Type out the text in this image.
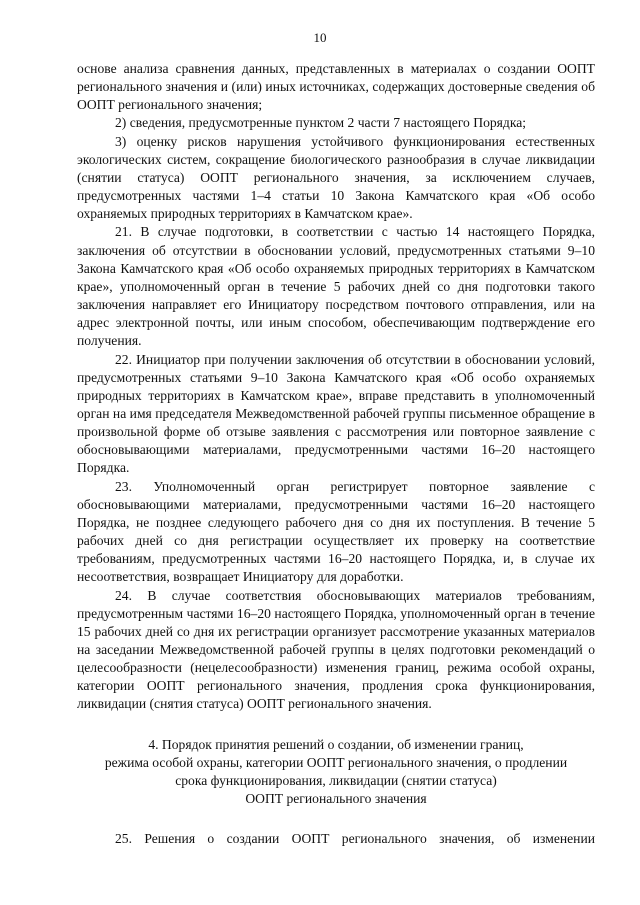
10

основе анализа сравнения данных, представленных в материалах о создании ООПТ регионального значения и (или) иных источниках, содержащих достоверные сведения об ООПТ регионального значения;

2) сведения, предусмотренные пунктом 2 части 7 настоящего Порядка;

3) оценку рисков нарушения устойчивого функционирования естественных экологических систем, сокращение биологического разнообразия в случае ликвидации (снятии статуса) ООПТ регионального значения, за исключением случаев, предусмотренных частями 1–4 статьи 10 Закона Камчатского края «Об особо охраняемых природных территориях в Камчатском крае».

21. В случае подготовки, в соответствии с частью 14 настоящего Порядка, заключения об отсутствии в обосновании условий, предусмотренных статьями 9–10 Закона Камчатского края «Об особо охраняемых природных территориях в Камчатском крае», уполномоченный орган в течение 5 рабочих дней со дня подготовки такого заключения направляет его Инициатору посредством почтового отправления, или на адрес электронной почты, или иным способом, обеспечивающим подтверждение его получения.

22. Инициатор при получении заключения об отсутствии в обосновании условий, предусмотренных статьями 9–10 Закона Камчатского края «Об особо охраняемых природных территориях в Камчатском крае», вправе представить в уполномоченный орган на имя председателя Межведомственной рабочей группы письменное обращение в произвольной форме об отзыве заявления с рассмотрения или повторное заявление с обосновывающими материалами, предусмотренными частями 16–20 настоящего Порядка.

23. Уполномоченный орган регистрирует повторное заявление с обосновывающими материалами, предусмотренными частями 16–20 настоящего Порядка, не позднее следующего рабочего дня со дня их поступления. В течение 5 рабочих дней со дня регистрации осуществляет их проверку на соответствие требованиям, предусмотренных частями 16–20 настоящего Порядка, и, в случае их несоответствия, возвращает Инициатору для доработки.

24. В случае соответствия обосновывающих материалов требованиям, предусмотренным частями 16–20 настоящего Порядка, уполномоченный орган в течение 15 рабочих дней со дня их регистрации организует рассмотрение указанных материалов на заседании Межведомственной рабочей группы в целях подготовки рекомендаций о целесообразности (нецелесообразности) изменения границ, режима особой охраны, категории ООПТ регионального значения, продления срока функционирования, ликвидации (снятия статуса) ООПТ регионального значения.

4. Порядок принятия решений о создании, об изменении границ,
режима особой охраны, категории ООПТ регионального значения, о продлении
срока функционирования, ликвидации (снятии статуса)
ООПТ регионального значения

25. Решения о создании ООПТ регионального значения, об изменении
